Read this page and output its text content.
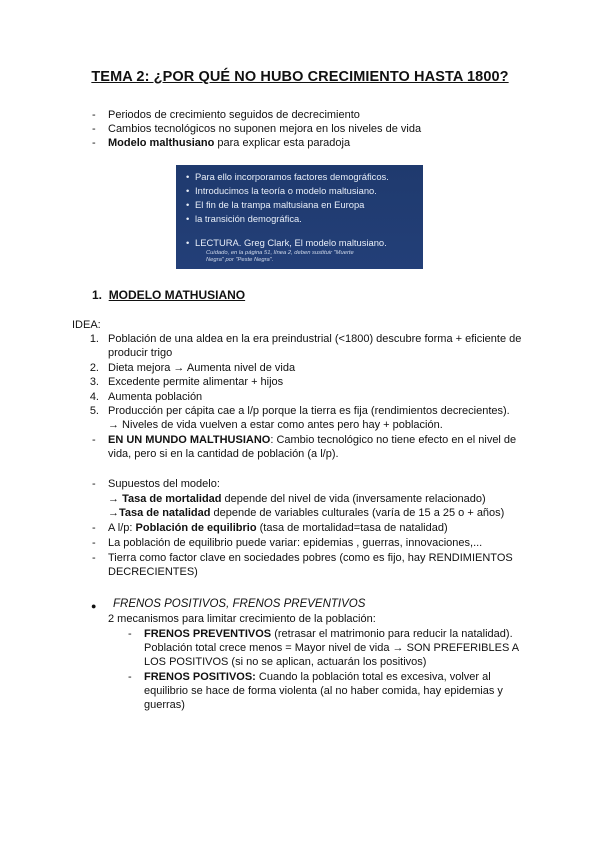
TEMA 2: ¿POR QUÉ NO HUBO CRECIMIENTO HASTA 1800?
-	Periodos de crecimiento seguidos de decrecimiento
-	Cambios tecnológicos no suponen mejora en los niveles de vida
-	Modelo malthusiano para explicar esta paradoja
• Para ello incorporamos factores demográficos.
• Introducimos la teoría o modelo maltusiano.
• El fin de la trampa maltusiana en Europa
• la transición demográfica.
• LECTURA. Greg Clark, El modelo maltusiano.
Cuidado, en la página 51, línea 2, deben sustituir "Muerte
Negra" por "Peste Negra".
1. MODELO MATHUSIANO
IDEA:
1. Población de una aldea en la era preindustrial (<1800) descubre forma + eficiente de
producir trigo
2. Dieta mejora → Aumenta nivel de vida
3. Excedente permite alimentar + hijos
4. Aumenta población
5. Producción per cápita cae a l/p porque la tierra es fija (rendimientos decrecientes).
→ Niveles de vida vuelven a estar como antes pero hay + población.
-	EN UN MUNDO MALTHUSIANO: Cambio tecnológico no tiene efecto en el nivel de
vida, pero si en la cantidad de población (a l/p).
-	Supuestos del modelo:
→ Tasa de mortalidad depende del nivel de vida (inversamente relacionado)
→Tasa de natalidad depende de variables culturales (varía de 15 a 25 o + años)
-	A l/p: Población de equilibrio (tasa de mortalidad=tasa de natalidad)
-	La población de equilibrio puede variar: epidemias , guerras, innovaciones,...
-	Tierra como factor clave en sociedades pobres (como es fijo, hay RENDIMIENTOS
DECRECIENTES)
● FRENOS POSITIVOS, FRENOS PREVENTIVOS
2 mecanismos para limitar crecimiento de la población:
-	FRENOS PREVENTIVOS (retrasar el matrimonio para reducir la natalidad).
Población total crece menos = Mayor nivel de vida → SON PREFERIBLES A
LOS POSITIVOS (si no se aplican, actuarán los positivos)
-	FRENOS POSITIVOS: Cuando la población total es excesiva, volver al
equilibrio se hace de forma violenta (al no haber comida, hay epidemias y
guerras)
